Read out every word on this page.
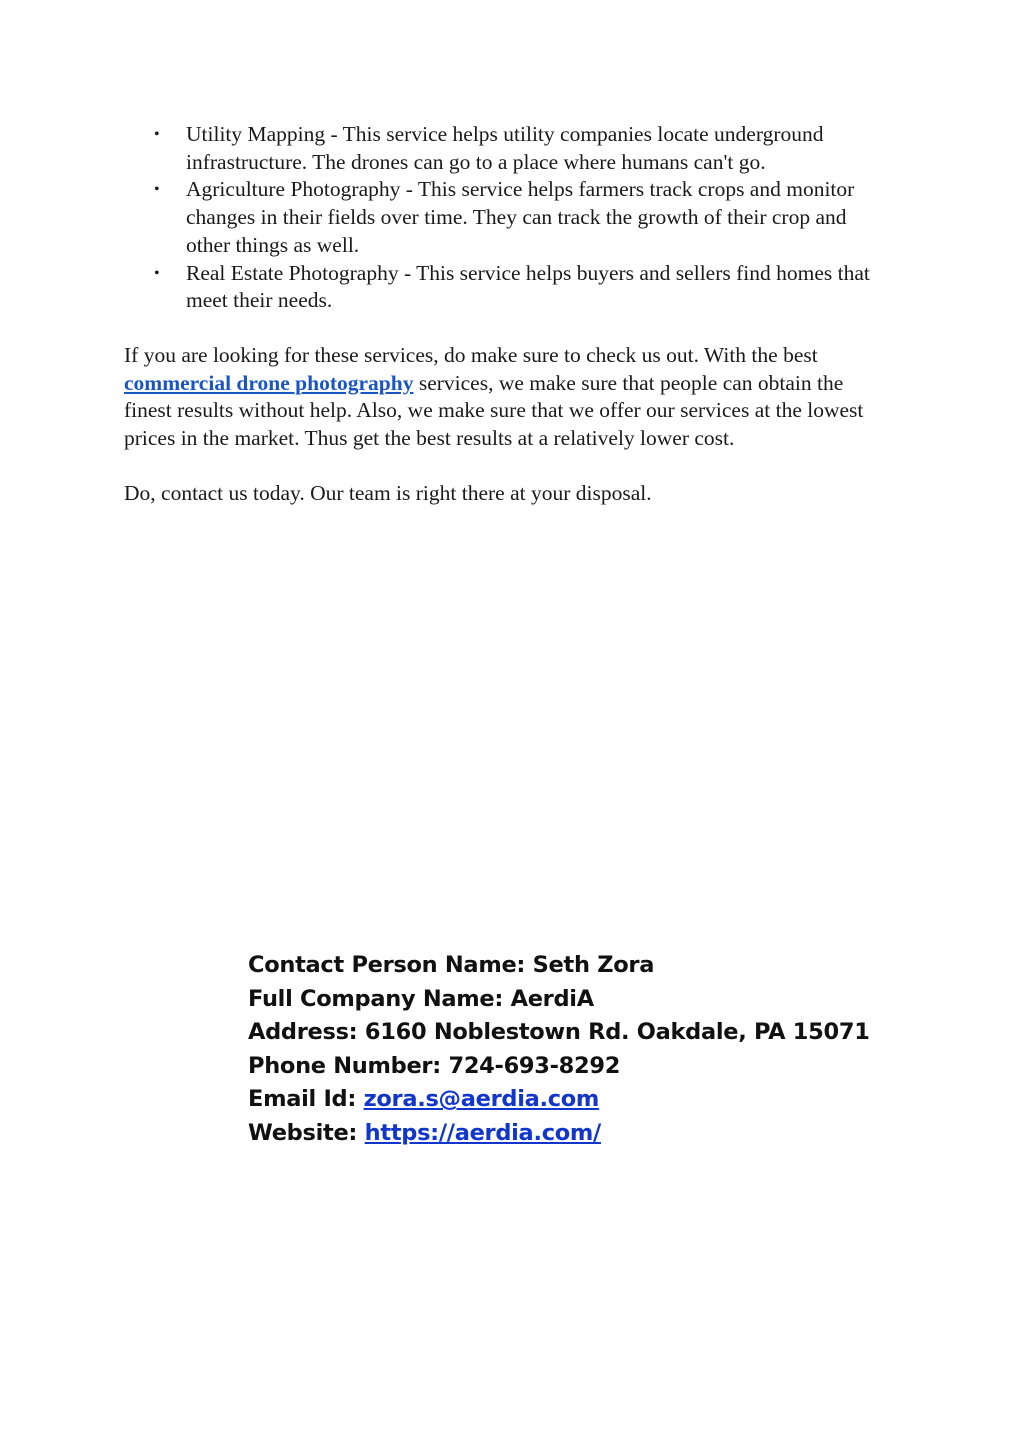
• Utility Mapping - This service helps utility companies locate underground infrastructure. The drones can go to a place where humans can't go.
• Agriculture Photography - This service helps farmers track crops and monitor changes in their fields over time. They can track the growth of their crop and other things as well.
• Real Estate Photography - This service helps buyers and sellers find homes that meet their needs.

If you are looking for these services, do make sure to check us out. With the best commercial drone photography services, we make sure that people can obtain the finest results without help. Also, we make sure that we offer our services at the lowest prices in the market. Thus get the best results at a relatively lower cost.

Do, contact us today. Our team is right there at your disposal.

Contact Person Name: Seth Zora
Full Company Name: AerdiA
Address: 6160 Noblestown Rd. Oakdale, PA 15071
Phone Number: 724-693-8292
Email Id: zora.s@aerdia.com
Website: https://aerdia.com/
